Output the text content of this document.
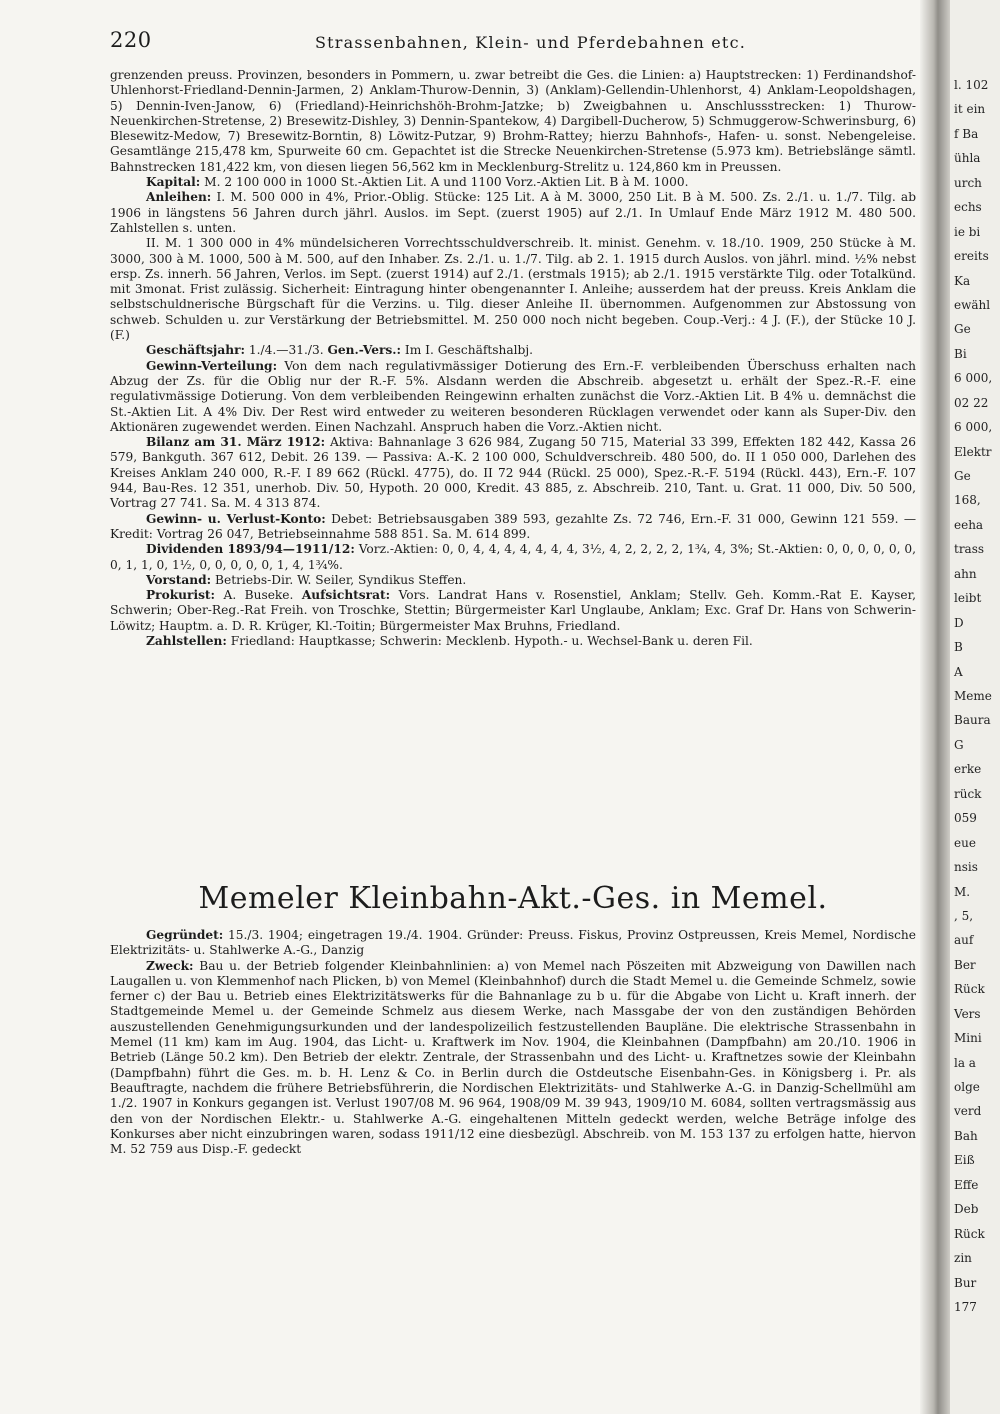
220	Strassenbahnen, Klein- und Pferdebahnen etc.

grenzenden preuss. Provinzen, besonders in Pommern, u. zwar betreibt die Ges. die Linien: a) Hauptstrecken: 1) Ferdinandshof-Uhlenhorst-Friedland-Dennin-Jarmen, 2) Anklam-Thurow-Dennin, 3) (Anklam)-Gellendin-Uhlenhorst, 4) Anklam-Leopoldshagen, 5) Dennin-Iven-Janow, 6) (Friedland)-Heinrichshöh-Brohm-Jatzke; b) Zweigbahnen u. Anschlussstrecken: 1) Thurow-Neuenkirchen-Stretense, 2) Bresewitz-Dishley, 3) Dennin-Spantekow, 4) Dargibell-Ducherow, 5) Schmuggerow-Schwerinsburg, 6) Blesewitz-Medow, 7) Bresewitz-Borntin, 8) Löwitz-Putzar, 9) Brohm-Rattey; hierzu Bahnhofs-, Hafen- u. sonst. Nebengeleise. Gesamtlänge 215,478 km, Spurweite 60 cm. Gepachtet ist die Strecke Neuenkirchen-Stretense (5.973 km). Betriebslänge sämtl. Bahnstrecken 181,422 km, von diesen liegen 56,562 km in Mecklenburg-Strelitz u. 124,860 km in Preussen.

Kapital: M. 2 100 000 in 1000 St.-Aktien Lit. A und 1100 Vorz.-Aktien Lit. B à M. 1000.

Anleihen: I. M. 500 000 in 4%, Prior.-Oblig. Stücke: 125 Lit. A à M. 3000, 250 Lit. B à M. 500. Zs. 2./1. u. 1./7. Tilg. ab 1906 in längstens 56 Jahren durch jährl. Auslos. im Sept. (zuerst 1905) auf 2./1. In Umlauf Ende März 1912 M. 480 500. Zahlstellen s. unten.

II. M. 1 300 000 in 4% mündelsicheren Vorrechtsschuldverschreib. lt. minist. Genehm. v. 18./10. 1909, 250 Stücke à M. 3000, 300 à M. 1000, 500 à M. 500, auf den Inhaber. Zs. 2./1. u. 1./7. Tilg. ab 2. 1. 1915 durch Auslos. von jährl. mind. ½% nebst ersp. Zs. innerh. 56 Jahren, Verlos. im Sept. (zuerst 1914) auf 2./1. (erstmals 1915); ab 2./1. 1915 verstärkte Tilg. oder Totalkünd. mit 3monat. Frist zulässig. Sicherheit: Eintragung hinter obengenannter I. Anleihe; ausserdem hat der preuss. Kreis Anklam die selbstschuldnerische Bürgschaft für die Verzins. u. Tilg. dieser Anleihe II. übernommen. Aufgenommen zur Abstossung von schweb. Schulden u. zur Verstärkung der Betriebsmittel. M. 250 000 noch nicht begeben. Coup.-Verj.: 4 J. (F.), der Stücke 10 J. (F.)

Geschäftsjahr: 1./4.—31./3. Gen.-Vers.: Im I. Geschäftshalbj.

Gewinn-Verteilung: Von dem nach regulativmässiger Dotierung des Ern.-F. verbleibenden Überschuss erhalten nach Abzug der Zs. für die Oblig nur der R.-F. 5%. Alsdann werden die Abschreib. abgesetzt u. erhält der Spez.-R.-F. eine regulativmässige Dotierung. Von dem verbleibenden Reingewinn erhalten zunächst die Vorz.-Aktien Lit. B 4% u. demnächst die St.-Aktien Lit. A 4% Div. Der Rest wird entweder zu weiteren besonderen Rücklagen verwendet oder kann als Super-Div. den Aktionären zugewendet werden. Einen Nachzahl. Anspruch haben die Vorz.-Aktien nicht.

Bilanz am 31. März 1912: Aktiva: Bahnanlage 3 626 984, Zugang 50 715, Material 33 399, Effekten 182 442, Kassa 26 579, Bankguth. 367 612, Debit. 26 139. — Passiva: A.-K. 2 100 000, Schuldverschreib. 480 500, do. II 1 050 000, Darlehen des Kreises Anklam 240 000, R.-F. I 89 662 (Rückl. 4775), do. II 72 944 (Rückl. 25 000), Spez.-R.-F. 5194 (Rückl. 443), Ern.-F. 107 944, Bau-Res. 12 351, unerhob. Div. 50, Hypoth. 20 000, Kredit. 43 885, z. Abschreib. 210, Tant. u. Grat. 11 000, Div. 50 500, Vortrag 27 741. Sa. M. 4 313 874.

Gewinn- u. Verlust-Konto: Debet: Betriebsausgaben 389 593, gezahlte Zs. 72 746, Ern.-F. 31 000, Gewinn 121 559. — Kredit: Vortrag 26 047, Betriebseinnahme 588 851. Sa. M. 614 899.

Dividenden 1893/94—1911/12: Vorz.-Aktien: 0, 0, 4, 4, 4, 4, 4, 4, 4, 3½, 4, 2, 2, 2, 2, 1¾, 4, 3%; St.-Aktien: 0, 0, 0, 0, 0, 0, 0, 1, 1, 0, 1½, 0, 0, 0, 0, 0, 1, 4, 1¾%.

Vorstand: Betriebs-Dir. W. Seiler, Syndikus Steffen.

Prokurist: A. Buseke. Aufsichtsrat: Vors. Landrat Hans v. Rosenstiel, Anklam; Stellv. Geh. Komm.-Rat E. Kayser, Schwerin; Ober-Reg.-Rat Freih. von Troschke, Stettin; Bürgermeister Karl Unglaube, Anklam; Exc. Graf Dr. Hans von Schwerin-Löwitz; Hauptm. a. D. R. Krüger, Kl.-Toitin; Bürgermeister Max Bruhns, Friedland.

Zahlstellen: Friedland: Hauptkasse; Schwerin: Mecklenb. Hypoth.- u. Wechsel-Bank u. deren Fil.

Memeler Kleinbahn-Akt.-Ges. in Memel.

Gegründet: 15./3. 1904; eingetragen 19./4. 1904. Gründer: Preuss. Fiskus, Provinz Ostpreussen, Kreis Memel, Nordische Elektrizitäts- u. Stahlwerke A.-G., Danzig

Zweck: Bau u. der Betrieb folgender Kleinbahnlinien: a) von Memel nach Pöszeiten mit Abzweigung von Dawillen nach Laugallen u. von Klemmenhof nach Plicken, b) von Memel (Kleinbahnhof) durch die Stadt Memel u. die Gemeinde Schmelz, sowie ferner c) der Bau u. Betrieb eines Elektrizitätswerks für die Bahnanlage zu b u. für die Abgabe von Licht u. Kraft innerh. der Stadtgemeinde Memel u. der Gemeinde Schmelz aus diesem Werke, nach Massgabe der von den zuständigen Behörden auszustellenden Genehmigungsurkunden und der landespolizeilich festzustellenden Baupläne. Die elektrische Strassenbahn in Memel (11 km) kam im Aug. 1904, das Licht- u. Kraftwerk im Nov. 1904, die Kleinbahnen (Dampfbahn) am 20./10. 1906 in Betrieb (Länge 50.2 km). Den Betrieb der elektr. Zentrale, der Strassenbahn und des Licht- u. Kraftnetzes sowie der Kleinbahn (Dampfbahn) führt die Ges. m. b. H. Lenz & Co. in Berlin durch die Ostdeutsche Eisenbahn-Ges. in Königsberg i. Pr. als Beauftragte, nachdem die frühere Betriebsführerin, die Nordischen Elektrizitäts- und Stahlwerke A.-G. in Danzig-Schellmühl am 1./2. 1907 in Konkurs gegangen ist. Verlust 1907/08 M. 96 964, 1908/09 M. 39 943, 1909/10 M. 6084, sollten vertragsmässig aus den von der Nordischen Elektr.- u. Stahlwerke A.-G. eingehaltenen Mitteln gedeckt werden, welche Beträge infolge des Konkurses aber nicht einzubringen waren, sodass 1911/12 eine diesbezügl. Abschreib. von M. 153 137 zu erfolgen hatte, hiervon M. 52 759 aus Disp.-F. gedeckt

l. 102
it ein
f Ba
ühla
urch
echs
ie bi
ereits
Ka
ewähl
Ge
Bi
6 000,
02 22
6 000,
Elektr
Ge
168,
eeha
trass
ahn
leibt
D
B
A
Meme
Baura
G
erke
rück
059
eue
nsis
M.
, 5,
auf
Ber
Rück
Vers
Mini
la a
olge
verd
Bah
Eiß
Effe
Deb
Rück
zin
Bur
177
